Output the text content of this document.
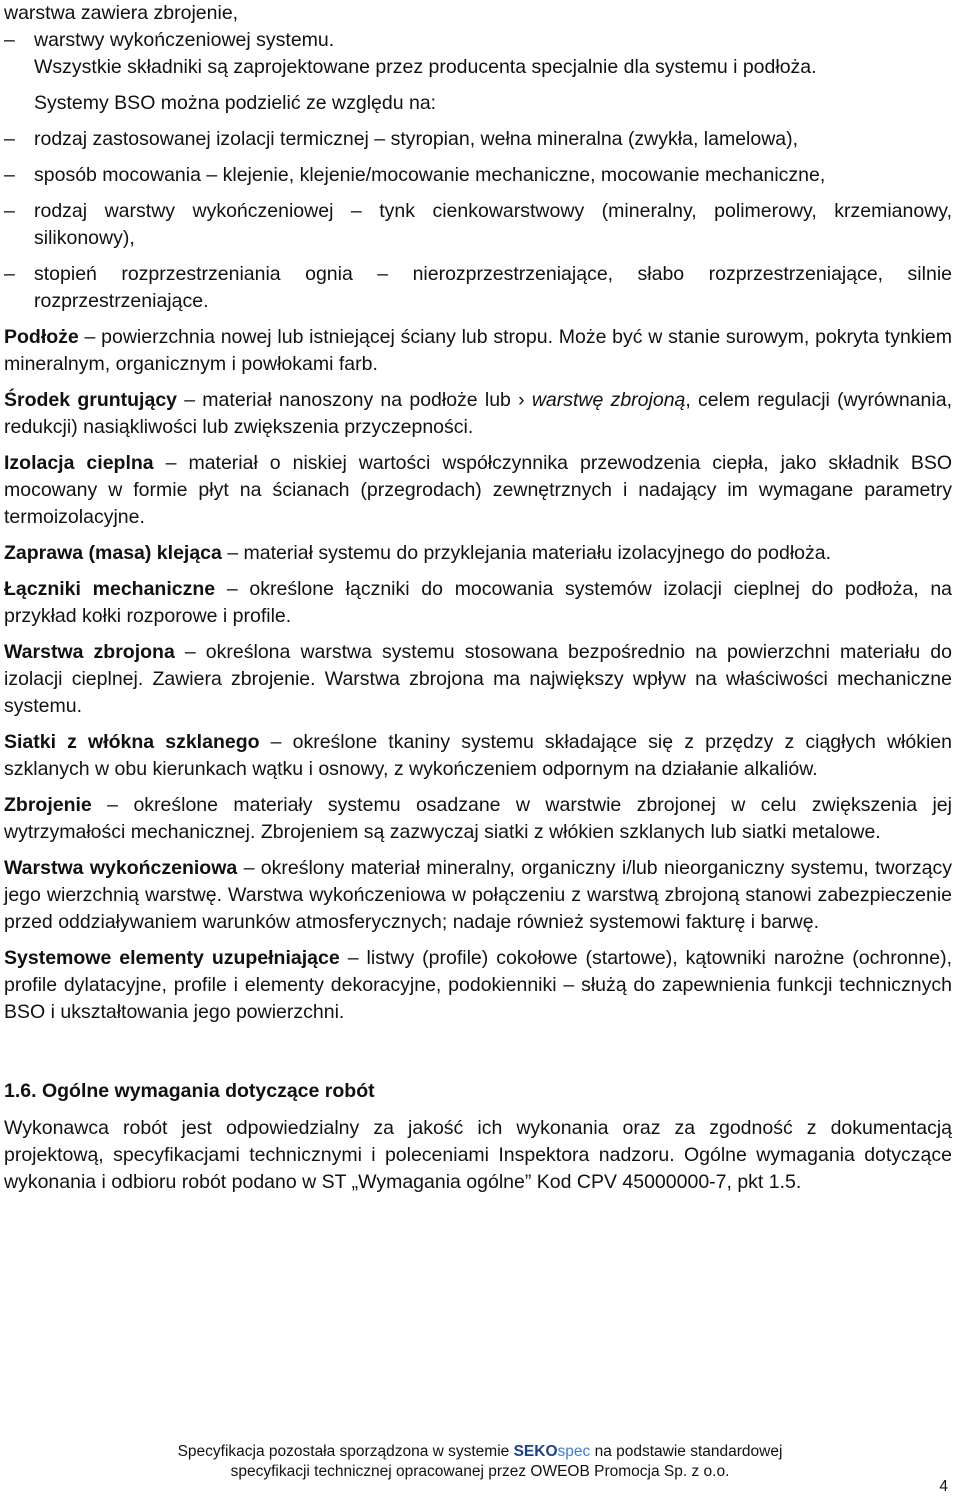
warstwa zawiera zbrojenie,

– warstwy wykończeniowej systemu.

Wszystkie składniki są zaprojektowane przez producenta specjalnie dla systemu i podłoża.

Systemy BSO można podzielić ze względu na:

– rodzaj zastosowanej izolacji termicznej – styropian, wełna mineralna (zwykła, lamelowa),
– sposób mocowania – klejenie, klejenie/mocowanie mechaniczne, mocowanie mechaniczne,
– rodzaj warstwy wykończeniowej – tynk cienkowarstwowy (mineralny, polimerowy, krzemianowy, silikonowy),
– stopień rozprzestrzeniania ognia – nierozprzestrzeniające, słabo rozprzestrzeniające, silnie rozprzestrzeniające.

Podłoże – powierzchnia nowej lub istniejącej ściany lub stropu. Może być w stanie surowym, pokryta tynkiem mineralnym, organicznym i powłokami farb.

Środek gruntujący – materiał nanoszony na podłoże lub › warstwę zbrojoną, celem regulacji (wyrównania, redukcji) nasiąkliwości lub zwiększenia przyczepności.

Izolacja cieplna – materiał o niskiej wartości współczynnika przewodzenia ciepła, jako składnik BSO mocowany w formie płyt na ścianach (przegrodach) zewnętrznych i nadający im wymagane parametry termoizolacyjne.

Zaprawa (masa) klejąca – materiał systemu do przyklejania materiału izolacyjnego do podłoża.

Łączniki mechaniczne – określone łączniki do mocowania systemów izolacji cieplnej do podłoża, na przykład kołki rozporowe i profile.

Warstwa zbrojona – określona warstwa systemu stosowana bezpośrednio na powierzchni materiału do izolacji cieplnej. Zawiera zbrojenie. Warstwa zbrojona ma największy wpływ na właściwości mechaniczne systemu.

Siatki z włókna szklanego – określone tkaniny systemu składające się z przędzy z ciągłych włókien szklanych w obu kierunkach wątku i osnowy, z wykończeniem odpornym na działanie alkaliów.

Zbrojenie – określone materiały systemu osadzane w warstwie zbrojonej w celu zwiększenia jej wytrzymałości mechanicznej. Zbrojeniem są zazwyczaj siatki z włókien szklanych lub siatki metalowe.

Warstwa wykończeniowa – określony materiał mineralny, organiczny i/lub nieorganiczny systemu, tworzący jego wierzchnią warstwę. Warstwa wykończeniowa w połączeniu z warstwą zbrojoną stanowi zabezpieczenie przed oddziaływaniem warunków atmosferycznych; nadaje również systemowi fakturę i barwę.

Systemowe elementy uzupełniające – listwy (profile) cokołowe (startowe), kątowniki narożne (ochronne), profile dylatacyjne, profile i elementy dekoracyjne, podokienniki – służą do zapewnienia funkcji technicznych BSO i ukształtowania jego powierzchni.

1.6. Ogólne wymagania dotyczące robót

Wykonawca robót jest odpowiedzialny za jakość ich wykonania oraz za zgodność z dokumentacją projektową, specyfikacjami technicznymi i poleceniami Inspektora nadzoru. Ogólne wymagania dotyczące wykonania i odbioru robót podano w ST „Wymagania ogólne” Kod CPV 45000000-7, pkt 1.5.

Specyfikacja pozostała sporządzona w systemie SEKOspec na podstawie standardowej
specyfikacji technicznej opracowanej przez OWEOB Promocja Sp. z o.o.
4
